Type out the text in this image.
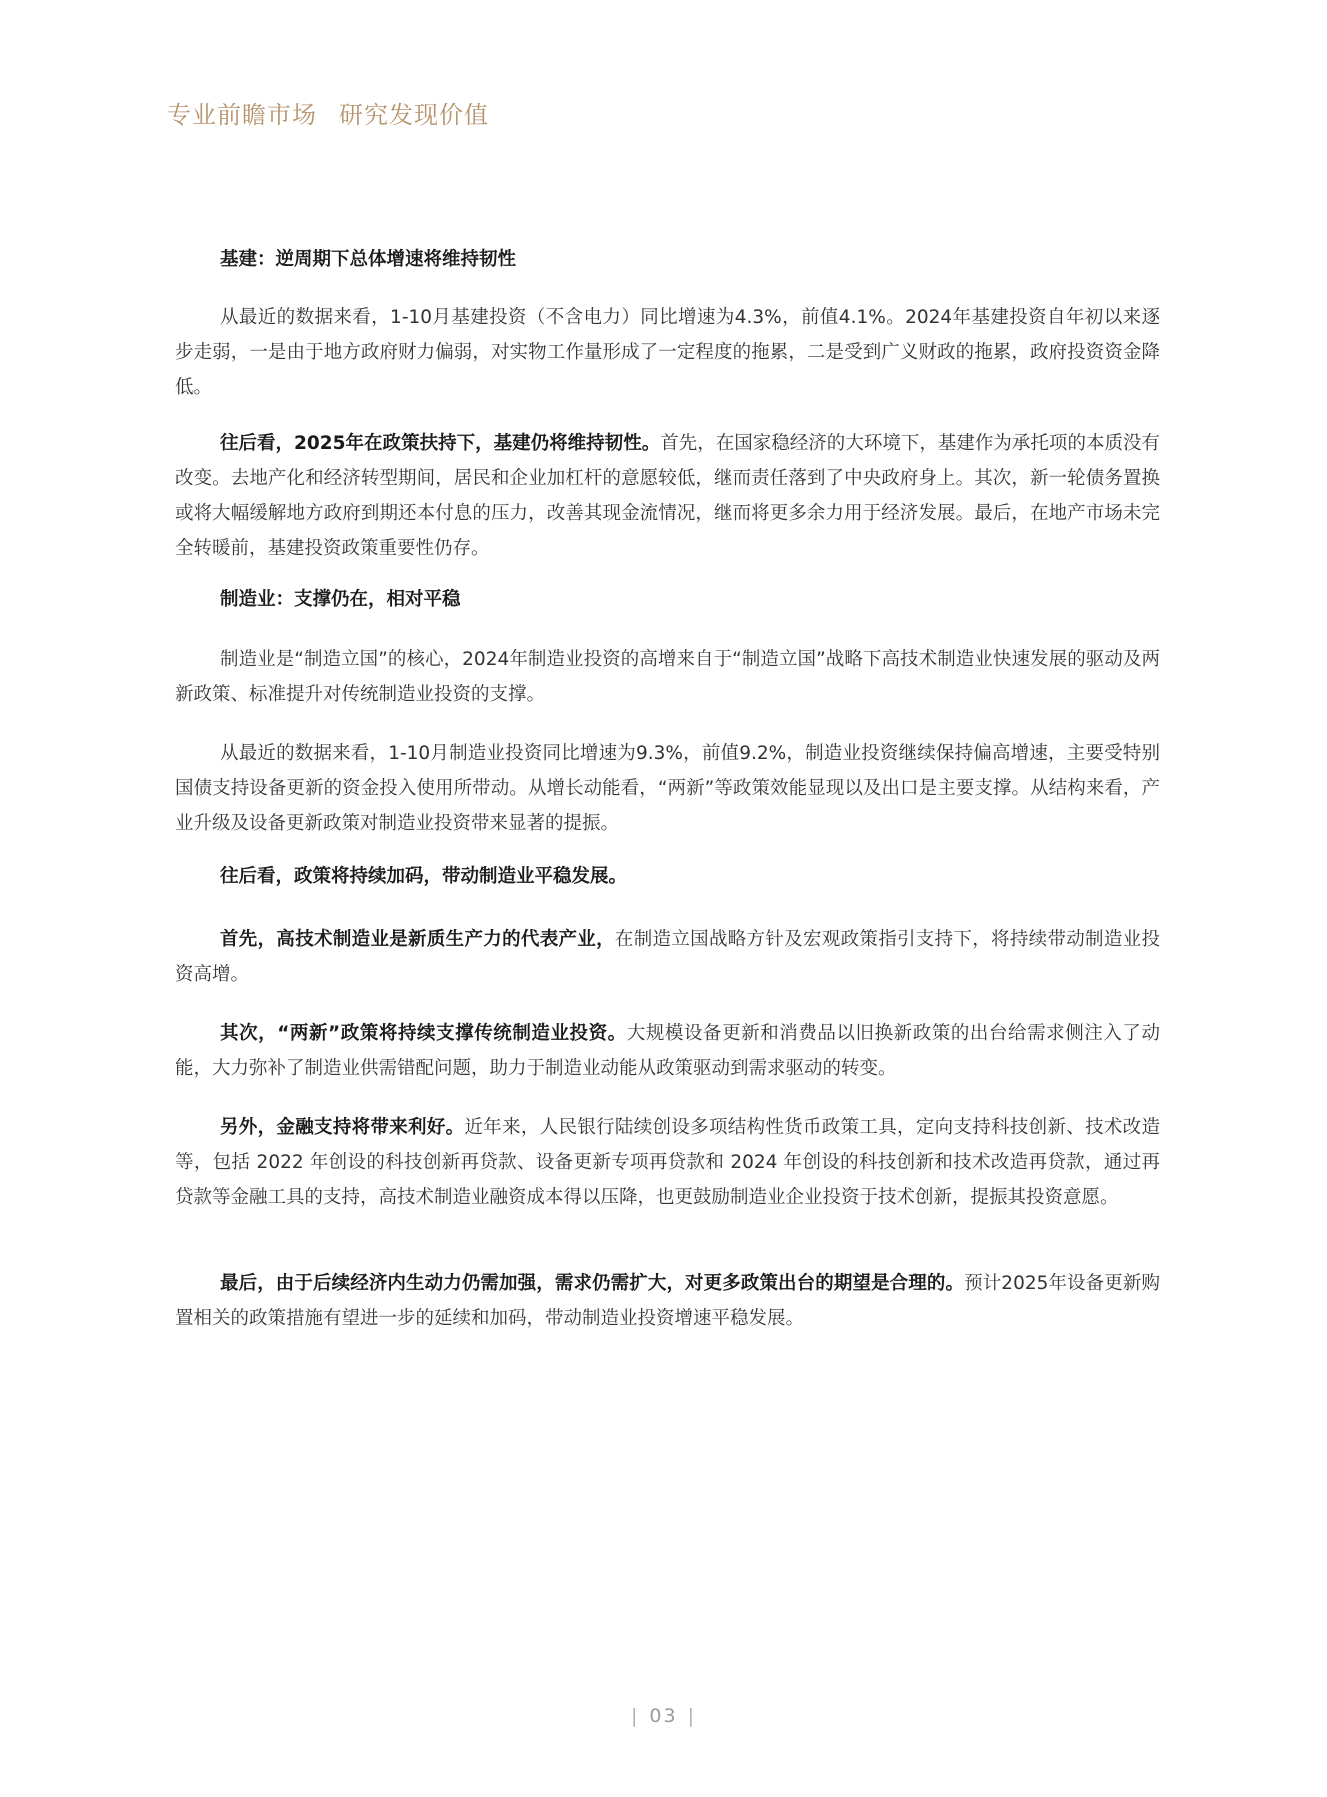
专业前瞻市场 研究发现价值
基建：逆周期下总体增速将维持韧性
从最近的数据来看，1-10月基建投资（不含电力）同比增速为4.3%，前值4.1%。2024年基建投资自年初以来逐步走弱，一是由于地方政府财力偏弱，对实物工作量形成了一定程度的拖累，二是受到广义财政的拖累，政府投资资金降低。
往后看，2025年在政策扶持下，基建仍将维持韧性。首先，在国家稳经济的大环境下，基建作为承托项的本质没有改变。去地产化和经济转型期间，居民和企业加杠杆的意愿较低，继而责任落到了中央政府身上。其次，新一轮债务置换或将大幅缓解地方政府到期还本付息的压力，改善其现金流情况，继而将更多余力用于经济发展。最后，在地产市场未完全转暖前，基建投资政策重要性仍存。
制造业：支撑仍在，相对平稳
制造业是“制造立国”的核心，2024年制造业投资的高增来自于“制造立国”战略下高技术制造业快速发展的驱动及两新政策、标准提升对传统制造业投资的支撑。
从最近的数据来看，1-10月制造业投资同比增速为9.3%，前值9.2%，制造业投资继续保持偏高增速，主要受特别国债支持设备更新的资金投入使用所带动。从增长动能看，“两新”等政策效能显现以及出口是主要支撑。从结构来看，产业升级及设备更新政策对制造业投资带来显著的提振。
往后看，政策将持续加码，带动制造业平稳发展。
首先，高技术制造业是新质生产力的代表产业，在制造立国战略方针及宏观政策指引支持下，将持续带动制造业投资高增。
其次，“两新”政策将持续支撑传统制造业投资。大规模设备更新和消费品以旧换新政策的出台给需求侧注入了动能，大力弥补了制造业供需错配问题，助力于制造业动能从政策驱动到需求驱动的转变。
另外，金融支持将带来利好。近年来，人民银行陆续创设多项结构性货币政策工具，定向支持科技创新、技术改造等，包括 2022 年创设的科技创新再贷款、设备更新专项再贷款和 2024 年创设的科技创新和技术改造再贷款，通过再贷款等金融工具的支持，高技术制造业融资成本得以压降，也更鼓励制造业企业投资于技术创新，提振其投资意愿。
最后，由于后续经济内生动力仍需加强，需求仍需扩大，对更多政策出台的期望是合理的。预计2025年设备更新购置相关的政策措施有望进一步的延续和加码，带动制造业投资增速平稳发展。
| 03 |
